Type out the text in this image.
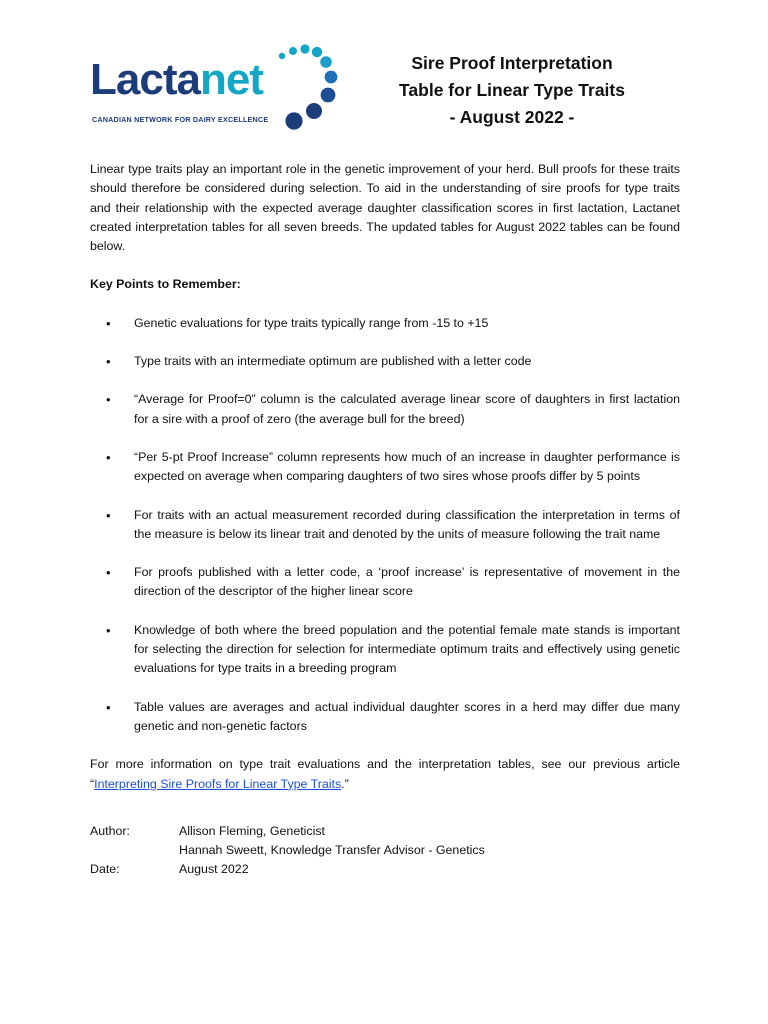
Lactanet
CANADIAN NETWORK FOR DAIRY EXCELLENCE
Sire Proof Interpretation
Table for Linear Type Traits
- August 2022 -

Linear type traits play an important role in the genetic improvement of your herd. Bull proofs for these traits should therefore be considered during selection. To aid in the understanding of sire proofs for type traits and their relationship with the expected average daughter classification scores in first lactation, Lactanet created interpretation tables for all seven breeds. The updated tables for August 2022 tables can be found below.

Key Points to Remember:

• Genetic evaluations for type traits typically range from -15 to +15
• Type traits with an intermediate optimum are published with a letter code
• “Average for Proof=0” column is the calculated average linear score of daughters in first lactation for a sire with a proof of zero (the average bull for the breed)
• “Per 5-pt Proof Increase” column represents how much of an increase in daughter performance is expected on average when comparing daughters of two sires whose proofs differ by 5 points
• For traits with an actual measurement recorded during classification the interpretation in terms of the measure is below its linear trait and denoted by the units of measure following the trait name
• For proofs published with a letter code, a ‘proof increase’ is representative of movement in the direction of the descriptor of the higher linear score
• Knowledge of both where the breed population and the potential female mate stands is important for selecting the direction for selection for intermediate optimum traits and effectively using genetic evaluations for type traits in a breeding program
• Table values are averages and actual individual daughter scores in a herd may differ due many genetic and non-genetic factors

For more information on type trait evaluations and the interpretation tables, see our previous article “Interpreting Sire Proofs for Linear Type Traits.”

Author:	Allison Fleming, Geneticist
Hannah Sweett, Knowledge Transfer Advisor - Genetics
Date:	August 2022
